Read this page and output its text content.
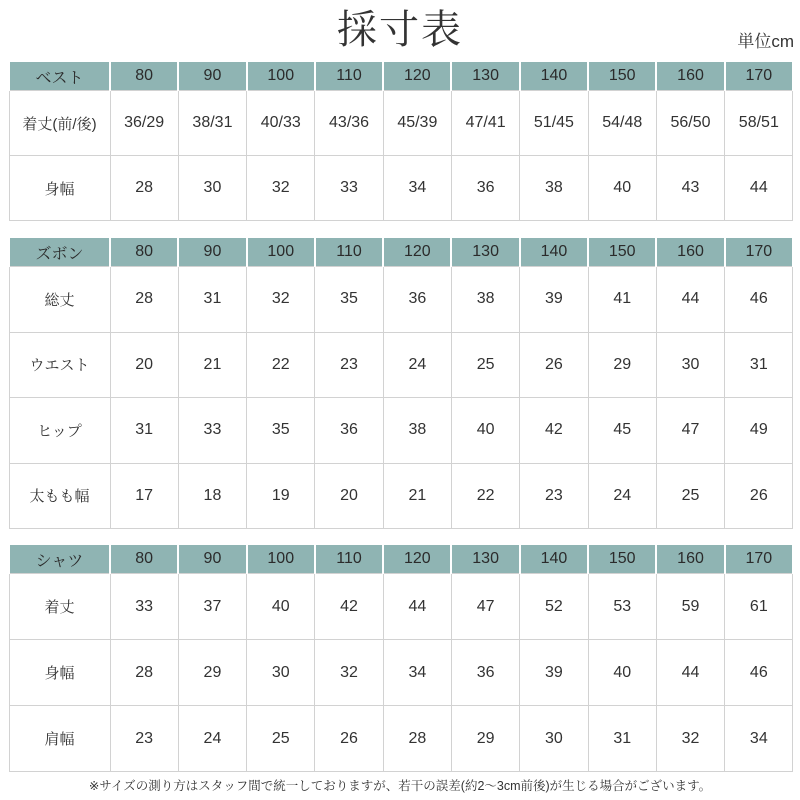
採寸表	単位cm
ベスト	80	90	100	110	120	130	140	150	160	170
着丈(前/後)	36/29	38/31	40/33	43/36	45/39	47/41	51/45	54/48	56/50	58/51
身幅	28	30	32	33	34	36	38	40	43	44
ズボン	80	90	100	110	120	130	140	150	160	170
総丈	28	31	32	35	36	38	39	41	44	46
ウエスト	20	21	22	23	24	25	26	29	30	31
ヒップ	31	33	35	36	38	40	42	45	47	49
太もも幅	17	18	19	20	21	22	23	24	25	26
シャツ	80	90	100	110	120	130	140	150	160	170
着丈	33	37	40	42	44	47	52	53	59	61
身幅	28	29	30	32	34	36	39	40	44	46
肩幅	23	24	25	26	28	29	30	31	32	34
※サイズの測り方はスタッフ間で統一しておりますが、若干の誤差(約2〜3cm前後)が生じる場合がございます。
